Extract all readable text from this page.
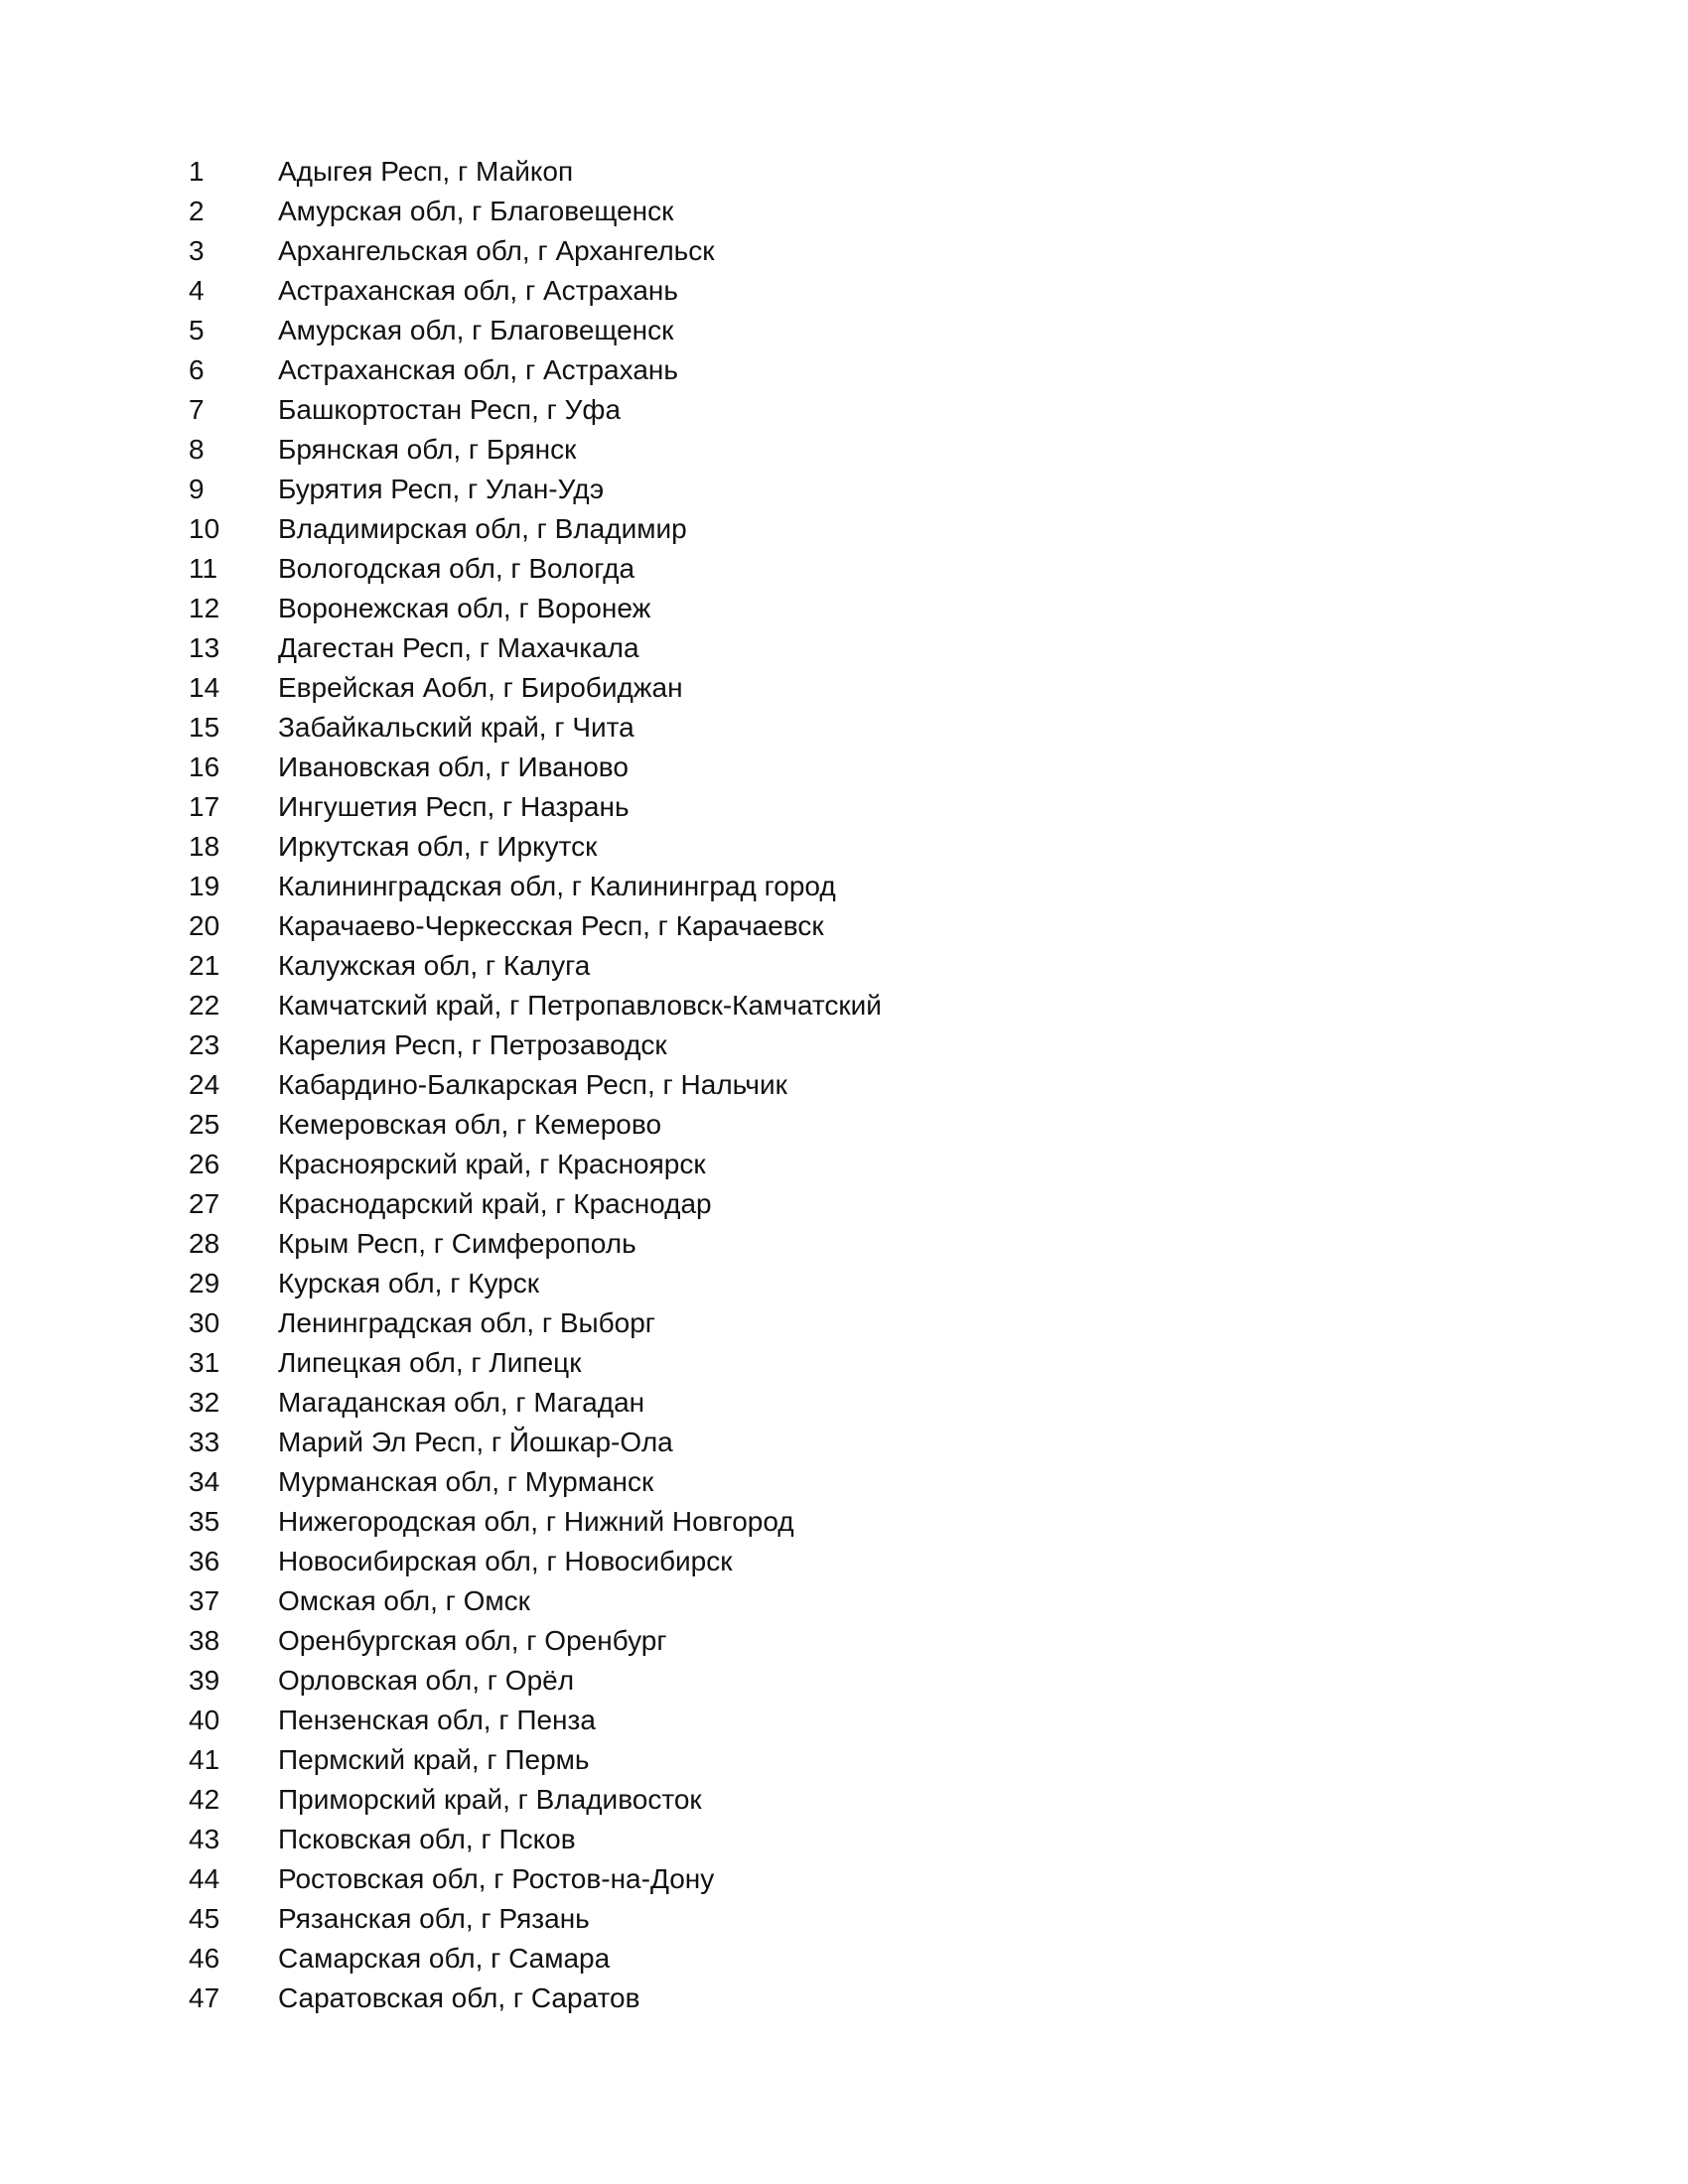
1	Адыгея Респ, г Майкоп
2	Амурская обл, г Благовещенск
3	Архангельская обл, г Архангельск
4	Астраханская обл, г Астрахань
5	Амурская обл, г Благовещенск
6	Астраханская обл, г Астрахань
7	Башкортостан Респ, г Уфа
8	Брянская обл, г Брянск
9	Бурятия Респ, г Улан-Удэ
10 Владимирская обл, г Владимир
11 Вологодская обл, г Вологда
12 Воронежская обл, г Воронеж
13 Дагестан Респ, г Махачкала
14 Еврейская Аобл, г Биробиджан
15 Забайкальский край, г Чита
16 Ивановская обл, г Иваново
17 Ингушетия Респ, г Назрань
18 Иркутская обл, г Иркутск
19 Калининградская обл, г Калининград город
20 Карачаево-Черкесская Респ, г Карачаевск
21 Калужская обл, г Калуга
22 Камчатский край, г Петропавловск-Камчатский
23 Карелия Респ, г Петрозаводск
24 Кабардино-Балкарская Респ, г Нальчик
25 Кемеровская обл, г Кемерово
26 Красноярский край, г Красноярск
27 Краснодарский край, г Краснодар
28 Крым Респ, г Симферополь
29 Курская обл, г Курск
30 Ленинградская обл, г Выборг
31 Липецкая обл, г Липецк
32 Магаданская обл, г Магадан
33 Марий Эл Респ, г Йошкар-Ола
34 Мурманская обл, г Мурманск
35 Нижегородская обл, г Нижний Новгород
36 Новосибирская обл, г Новосибирск
37 Омская обл, г Омск
38 Оренбургская обл, г Оренбург
39 Орловская обл, г Орёл
40 Пензенская обл, г Пенза
41 Пермский край, г Пермь
42 Приморский край, г Владивосток
43 Псковская обл, г Псков
44 Ростовская обл, г Ростов-на-Дону
45 Рязанская обл, г Рязань
46 Самарская обл, г Самара
47 Саратовская обл, г Саратов
